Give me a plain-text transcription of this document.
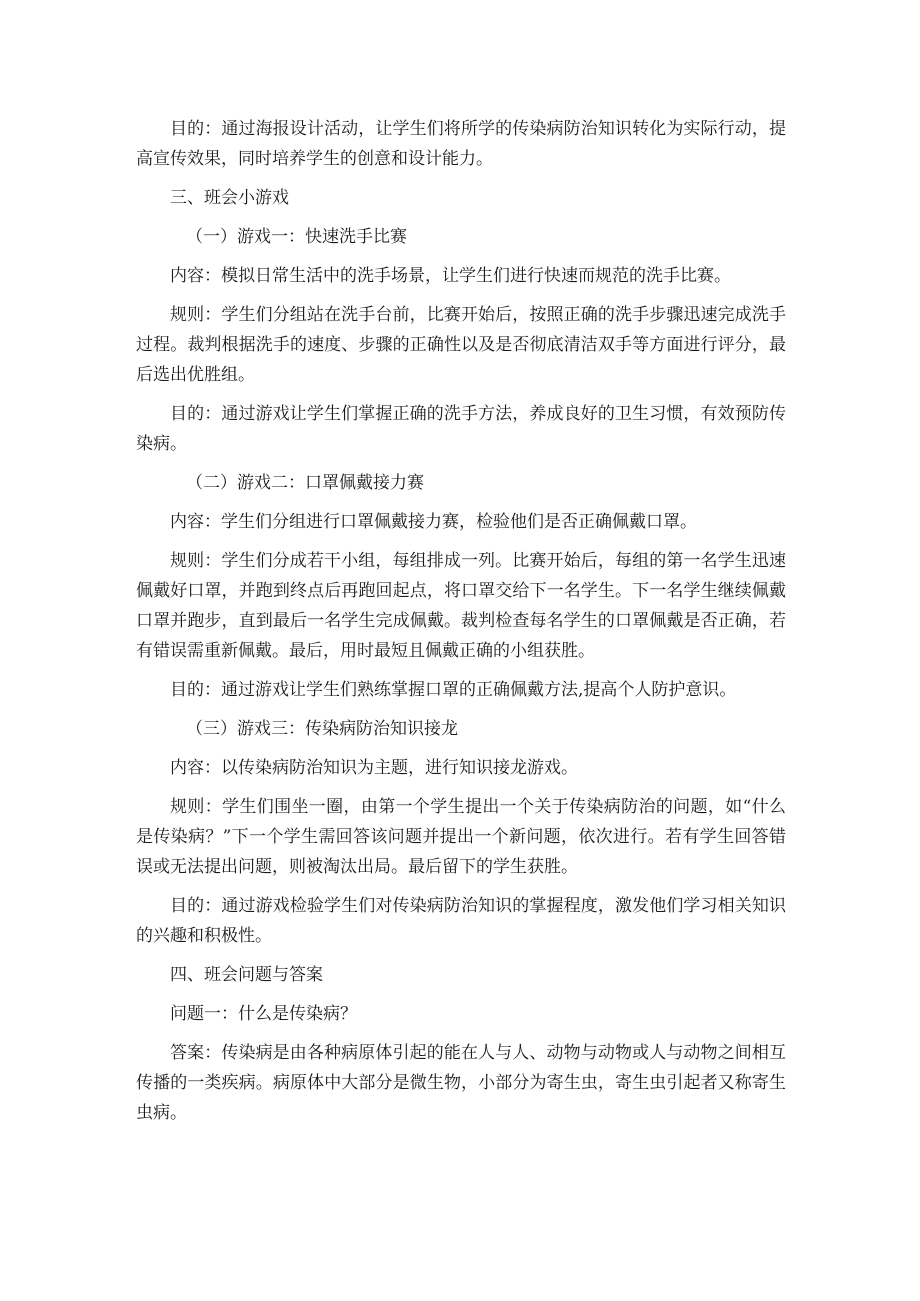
目的：通过海报设计活动，让学生们将所学的传染病防治知识转化为实际行动，提高宣传效果，同时培养学生的创意和设计能力。

三、班会小游戏

（一）游戏一：快速洗手比赛

内容：模拟日常生活中的洗手场景，让学生们进行快速而规范的洗手比赛。

规则：学生们分组站在洗手台前，比赛开始后，按照正确的洗手步骤迅速完成洗手过程。裁判根据洗手的速度、步骤的正确性以及是否彻底清洁双手等方面进行评分，最后选出优胜组。

目的：通过游戏让学生们掌握正确的洗手方法，养成良好的卫生习惯，有效预防传染病。

（二）游戏二：口罩佩戴接力赛

内容：学生们分组进行口罩佩戴接力赛，检验他们是否正确佩戴口罩。

规则：学生们分成若干小组，每组排成一列。比赛开始后，每组的第一名学生迅速佩戴好口罩，并跑到终点后再跑回起点，将口罩交给下一名学生。下一名学生继续佩戴口罩并跑步，直到最后一名学生完成佩戴。裁判检查每名学生的口罩佩戴是否正确，若有错误需重新佩戴。最后，用时最短且佩戴正确的小组获胜。

目的：通过游戏让学生们熟练掌握口罩的正确佩戴方法,提高个人防护意识。

（三）游戏三：传染病防治知识接龙

内容：以传染病防治知识为主题，进行知识接龙游戏。

规则：学生们围坐一圈，由第一个学生提出一个关于传染病防治的问题，如“什么是传染病？”下一个学生需回答该问题并提出一个新问题，依次进行。若有学生回答错误或无法提出问题，则被淘汰出局。最后留下的学生获胜。

目的：通过游戏检验学生们对传染病防治知识的掌握程度，激发他们学习相关知识的兴趣和积极性。

四、班会问题与答案

问题一：什么是传染病？

答案：传染病是由各种病原体引起的能在人与人、动物与动物或人与动物之间相互传播的一类疾病。病原体中大部分是微生物，小部分为寄生虫，寄生虫引起者又称寄生虫病。
